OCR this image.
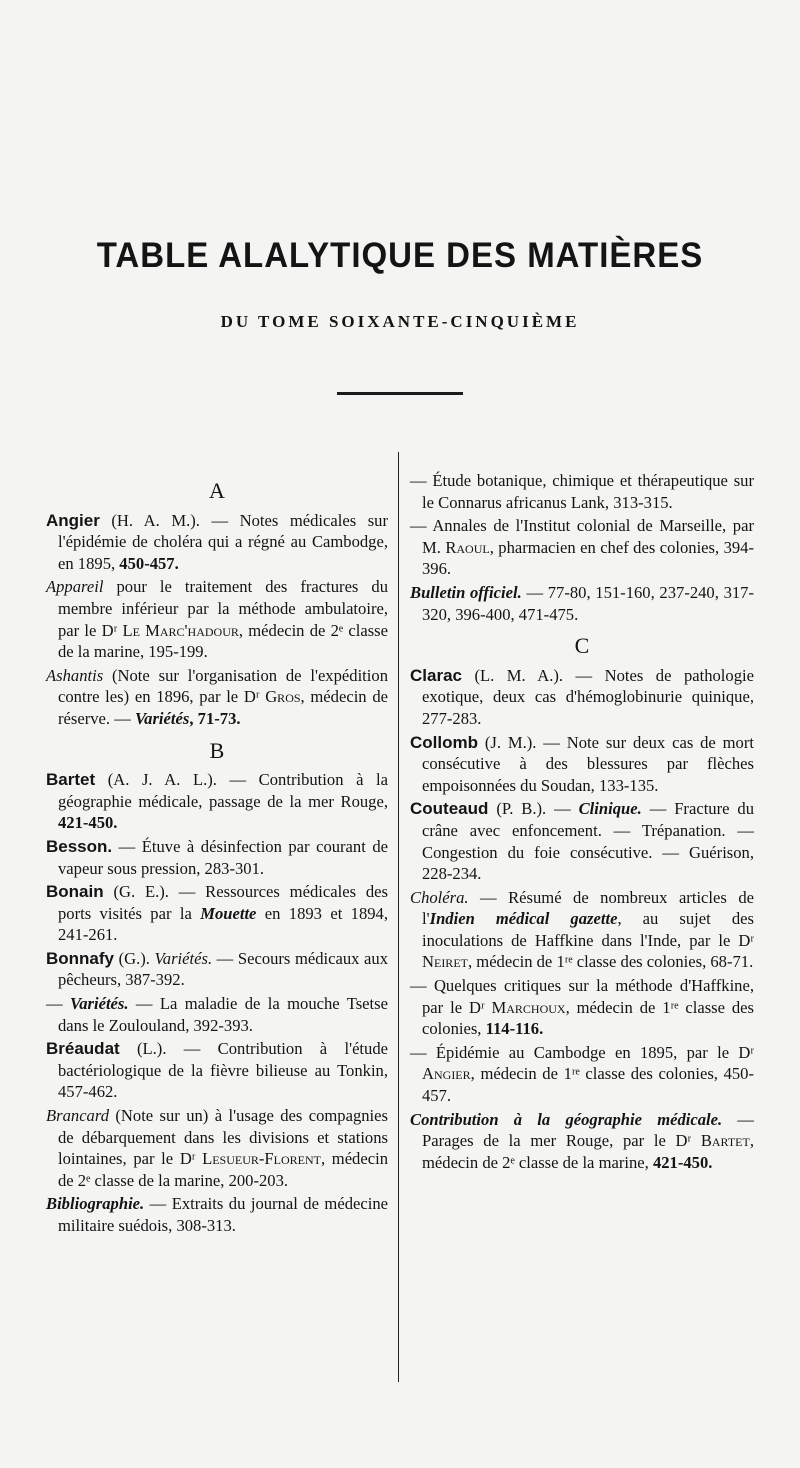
TABLE ALALYTIQUE DES MATIÈRES
DU TOME SOIXANTE-CINQUIÈME
A

Angier (H. A. M.). — Notes médicales sur l'épidémie de choléra qui a régné au Cambodge, en 1895, 450-457.

Appareil pour le traitement des fractures du membre inférieur par la méthode ambulatoire, par le Dʳ Le Marc'hadour, médecin de 2ᵉ classe de la marine, 195-199.

Ashantis (Note sur l'organisation de l'expédition contre les) en 1896, par le Dʳ Gros, médecin de réserve. — Variétés, 71-73.

B

Bartet (A. J. A. L.). — Contribution à la géographie médicale, passage de la mer Rouge, 421-450.

Besson. — Étuve à désinfection par courant de vapeur sous pression, 283-301.

Bonain (G. E.). — Ressources médicales des ports visités par la Mouette en 1893 et 1894, 241-261.

Bonnafy (G.). Variétés. — Secours médicaux aux pêcheurs, 387-392.

— Variétés. — La maladie de la mouche Tsetse dans le Zoulouland, 392-393.

Bréaudat (L.). — Contribution à l'étude bactériologique de la fièvre bilieuse au Tonkin, 457-462.

Brancard (Note sur un) à l'usage des compagnies de débarquement dans les divisions et stations lointaines, par le Dʳ Lesueur-Florent, médecin de 2ᵉ classe de la marine, 200-203.

Bibliographie. — Extraits du journal de médecine militaire suédois, 308-313.

— Étude botanique, chimique et thérapeutique sur le Connarus africanus Lank, 313-315.

— Annales de l'Institut colonial de Marseille, par M. Raoul, pharmacien en chef des colonies, 394-396.

Bulletin officiel. — 77-80, 151-160, 237-240, 317-320, 396-400, 471-475.

C

Clarac (L. M. A.). — Notes de pathologie exotique, deux cas d'hémoglobinurie quinique, 277-283.

Collomb (J. M.). — Note sur deux cas de mort consécutive à des blessures par flèches empoisonnées du Soudan, 133-135.

Couteaud (P. B.). — Clinique. — Fracture du crâne avec enfoncement. — Trépanation. — Congestion du foie consécutive. — Guérison, 228-234.

Choléra. — Résumé de nombreux articles de l'Indien médical gazette, au sujet des inoculations de Haffkine dans l'Inde, par le Dʳ Neiret, médecin de 1ʳᵉ classe des colonies, 68-71.

— Quelques critiques sur la méthode d'Haffkine, par le Dʳ Marchoux, médecin de 1ʳᵉ classe des colonies, 114-116.

— Épidémie au Cambodge en 1895, par le Dʳ Angier, médecin de 1ʳᵉ classe des colonies, 450-457.

Contribution à la géographie médicale. — Parages de la mer Rouge, par le Dʳ Bartet, médecin de 2ᵉ classe de la marine, 421-450.
